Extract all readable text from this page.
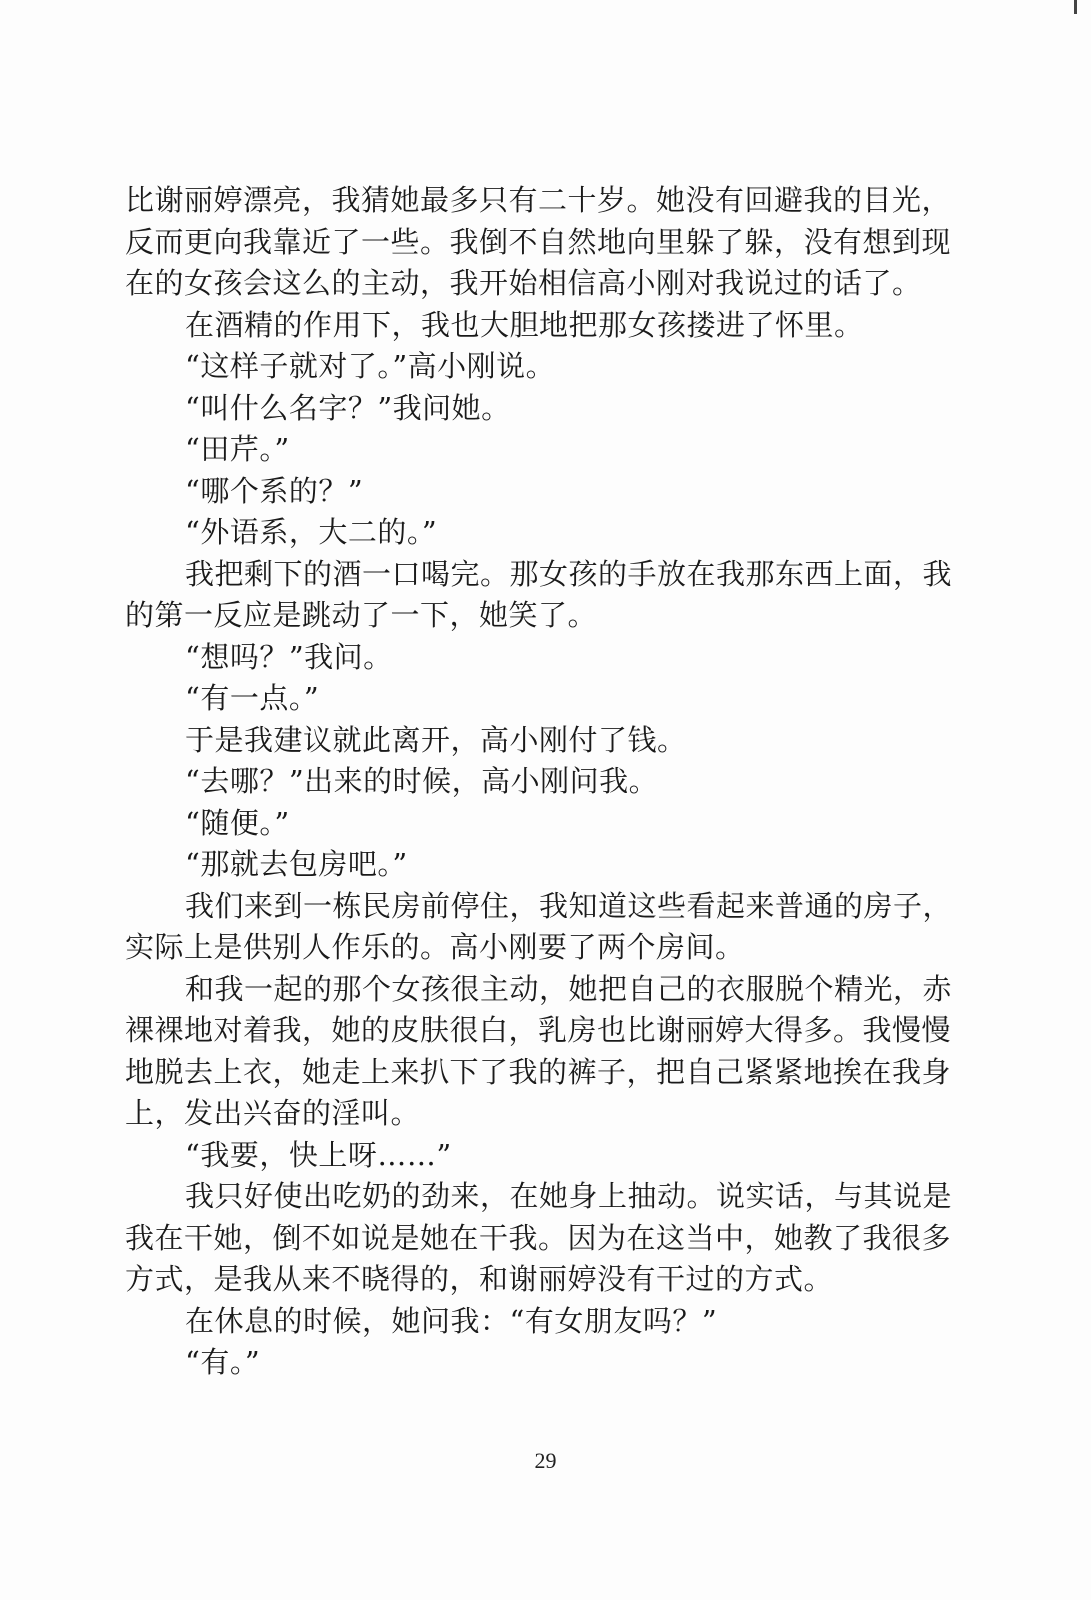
比谢丽婷漂亮，我猜她最多只有二十岁。她没有回避我的目光，
反而更向我靠近了一些。我倒不自然地向里躲了躲，没有想到现
在的女孩会这么的主动，我开始相信高小刚对我说过的话了。
在酒精的作用下，我也大胆地把那女孩搂进了怀里。
“这样子就对了。”高小刚说。
“叫什么名字？”我问她。
“田芹。”
“哪个系的？”
“外语系，大二的。”
我把剩下的酒一口喝完。那女孩的手放在我那东西上面，我
的第一反应是跳动了一下，她笑了。
“想吗？”我问。
“有一点。”
于是我建议就此离开，高小刚付了钱。
“去哪？”出来的时候，高小刚问我。
“随便。”
“那就去包房吧。”
我们来到一栋民房前停住，我知道这些看起来普通的房子，
实际上是供别人作乐的。高小刚要了两个房间。
和我一起的那个女孩很主动，她把自己的衣服脱个精光，赤
裸裸地对着我，她的皮肤很白，乳房也比谢丽婷大得多。我慢慢
地脱去上衣，她走上来扒下了我的裤子，把自己紧紧地挨在我身
上，发出兴奋的淫叫。
“我要，快上呀……”
我只好使出吃奶的劲来，在她身上抽动。说实话，与其说是
我在干她，倒不如说是她在干我。因为在这当中，她教了我很多
方式，是我从来不晓得的，和谢丽婷没有干过的方式。
在休息的时候，她问我：“有女朋友吗？”
“有。”
29
